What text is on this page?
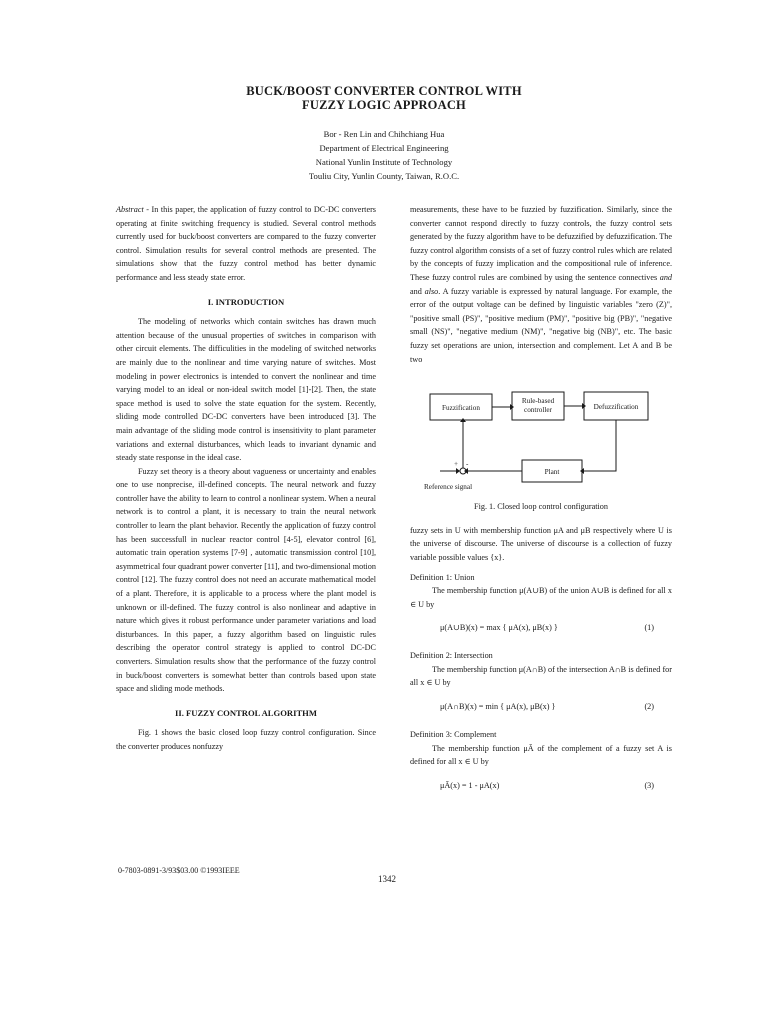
BUCK/BOOST CONVERTER CONTROL WITH
FUZZY LOGIC APPROACH
Bor - Ren Lin and Chihchiang Hua
Department of Electrical Engineering
National Yunlin Institute of Technology
Touliu City, Yunlin County, Taiwan, R.O.C.

Abstract - In this paper, the application of fuzzy control to DC-DC converters operating at finite switching frequency is studied. Several control methods currently used for buck/boost converters are compared to the fuzzy converter control. Simulation results for several control methods are presented. The simulations show that the fuzzy control method has better dynamic performance and less steady state error.

I. INTRODUCTION

The modeling of networks which contain switches has drawn much attention because of the unusual properties of switches in comparison with other circuit elements. The difficulities in the modeling of switched networks are mainly due to the nonlinear and time varying nature of switches. Most modeling in power electronics is intended to convert the nonlinear and time varying model to an ideal or non-ideal switch model [1]-[2]. Then, the state space method is used to solve the state equation for the system. Recently, sliding mode controlled DC-DC converters have been introduced [3]. The main advantage of the sliding mode control is insensitivity to plant parameter variations and external disturbances, which leads to invariant dynamic and steady state response in the ideal case.

Fuzzy set theory is a theory about vagueness or uncertainty and enables one to use nonprecise, ill-defined concepts. The neural network and fuzzy controller have the ability to learn to control a nonlinear system. When a neural network is to control a plant, it is necessary to train the neural network controller to learn the plant behavior. Recently the application of fuzzy control has been successfull in nuclear reactor control [4-5], elevator control [6], automatic train operation systems [7-9] , automatic transmission control [10], asymmetrical four quadrant power converter [11], and two-dimensional motion control [12]. The fuzzy control does not need an accurate mathematical model of a plant. Therefore, it is applicable to a process where the plant model is unknown or ill-defined. The fuzzy control is also nonlinear and adaptive in nature which gives it robust performance under parameter variations and load disturbances. In this paper, a fuzzy algorithm based on linguistic rules describing the operator control strategy is applied to control DC-DC converters. Simulation results show that the performance of the fuzzy control in buck/boost converters is somewhat better than controls based upon state space and sliding mode methods.

II. FUZZY CONTROL ALGORITHM

Fig. 1 shows the basic closed loop fuzzy control configuration. Since the converter produces nonfuzzy

measurements, these have to be fuzzied by fuzzification. Similarly, since the converter cannot respond directly to fuzzy controls, the fuzzy control sets generated by the fuzzy algorithm have to be defuzzified by defuzzification. The fuzzy control algorithm consists of a set of fuzzy control rules which are related by the concepts of fuzzy implication and the compositional rule of inference. These fuzzy control rules are combined by using the sentence connectives and and also. A fuzzy variable is expressed by natural language. For example, the error of the output voltage can be defined by linguistic variables "zero (Z)", "positive small (PS)", "positive medium (PM)", "positive big (PB)", "negative small (NS)", "negative medium (NM)", "negative big (NB)", etc. The basic fuzzy set operations are union, intersection and complement. Let A and B be two

Fuzzification
Rule-based
controller	Defuzzification
Plant
+ -
Reference signal

Fig. 1. Closed loop control configuration

fuzzy sets in U with membership function μA and μB respectively where U is the universe of discourse. The universe of discourse is a collection of fuzzy variable possible values {x}.

Definition 1: Union

The membership function μ(A∪B) of the union A∪B is defined for all x ∈ U by

μ(A∪B)(x) = max { μA(x), μB(x) }	(1)

Definition 2: Intersection

The membership function μ(A∩B) of the intersection A∩B is defined for all x ∈ U by

μ(A∩B)(x) = min { μA(x), μB(x) }	(2)

Definition 3: Complement

The membership function μĀ of the complement of a fuzzy set A is defined for all x ∈ U by

μĀ(x) = 1 - μA(x)	(3)
0-7803-0891-3/93$03.00 ©1993IEEE
1342
